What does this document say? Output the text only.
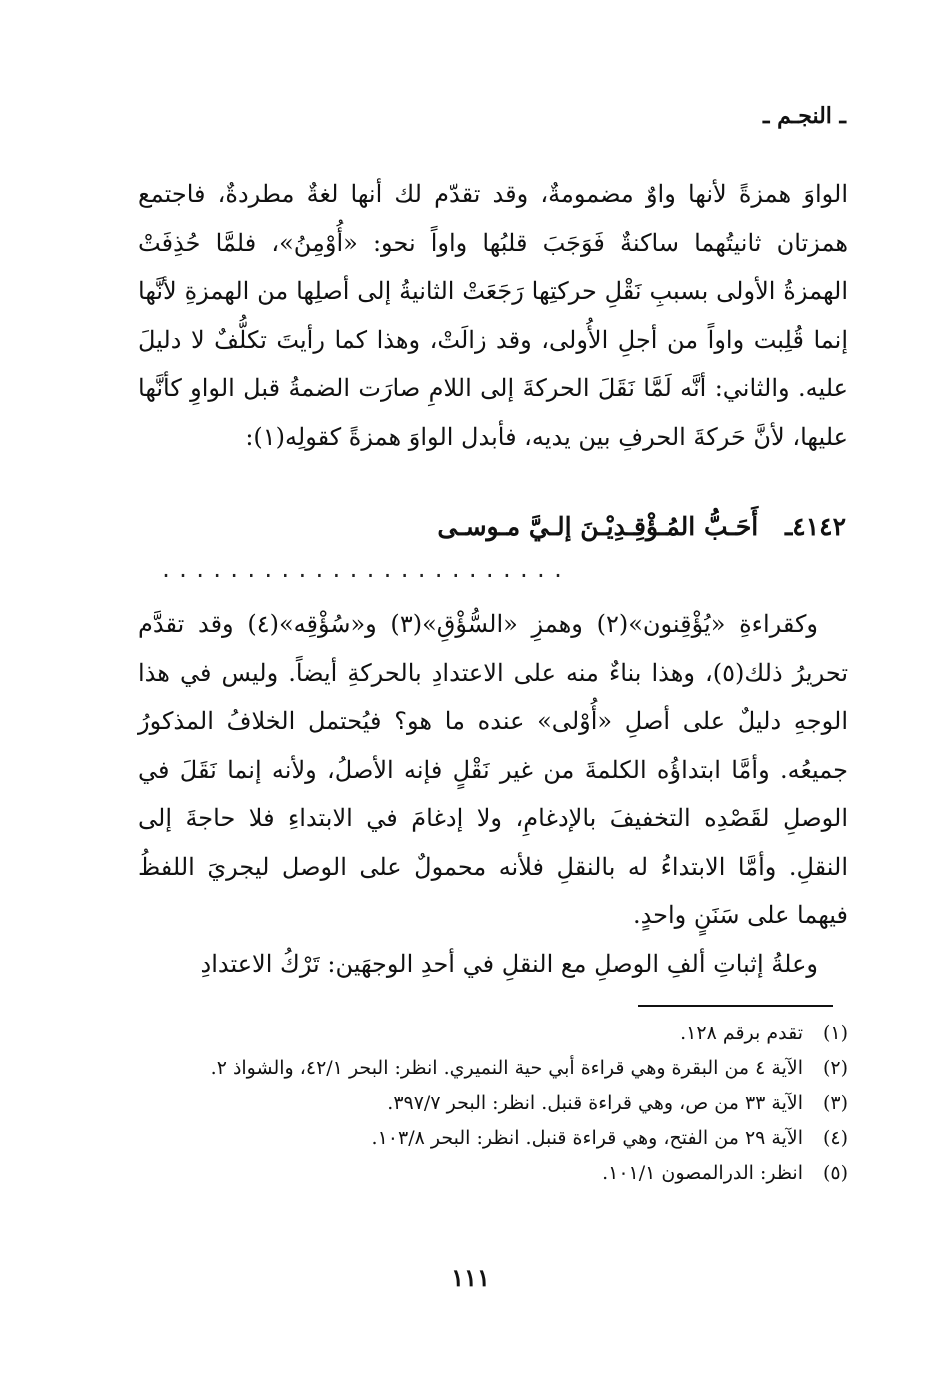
ـ النجـم ـ
الواوَ همزةً لأنها واوٌ مضمومةٌ، وقد تقدّم لك أنها لغةٌ مطردةٌ، فاجتمع همزتان ثانيتُهما ساكنةٌ فَوَجَبَ قلبُها واواً نحو: «أُوْمِنُ»، فلمَّا حُذِفَتْ الهمزةُ الأولى بسببِ نَقْلِ حركتِها رَجَعَتْ الثانيةُ إلى أصلِها من الهمزةِ لأنَّها إنما قُلِبت واواً من أجلِ الأُولى، وقد زالَتْ، وهذا كما رأيتَ تكلُّفٌ لا دليلَ عليه. والثاني: أنَّه لَمَّا نَقَلَ الحركةَ إلى اللامِ صارَت الضمةُ قبل الواوِ كأنَّها عليها، لأنَّ حَركةَ الحرفِ بين يديه، فأبدل الواوَ همزةً كقولِه(١):
٤١٤٢ـ أَحَـبُّ المُـؤْقِـدِيْـنَ إلـيَّ مـوسـى
........................
وكقراءةِ «يُؤْقِنون»(٢) وهمزِ «السُّؤْقِ»(٣) و«سُؤْقِه»(٤) وقد تقدَّم تحريرُ ذلك(٥)، وهذا بناءٌ منه على الاعتدادِ بالحركةِ أيضاً. وليس في هذا الوجهِ دليلٌ على أصلِ «أُوْلى» عنده ما هو؟ فيُحتمل الخلافُ المذكورُ جميعُه. وأمَّا ابتداؤُه الكلمةَ من غير نَقْلٍ فإنه الأصلُ، ولأنه إنما نَقَلَ في الوصلِ لقَصْدِه التخفيفَ بالإدغامِ، ولا إدغامَ في الابتداءِ فلا حاجةَ إلى النقلِ. وأمَّا الابتداءُ له بالنقلِ فلأنه محمولٌ على الوصل ليجريَ اللفظُ فيهما على سَنَنٍ واحدٍ.
وعلةُ إثباتِ ألفِ الوصلِ مع النقلِ في أحدِ الوجهَين: تَرْكُ الاعتدادِ
(١)
تقدم برقم ١٢٨.
(٢)
الآية ٤ من البقرة وهي قراءة أبي حية النميري. انظر: البحر ٤٢/١، والشواذ ٢.
(٣)
الآية ٣٣ من ص، وهي قراءة قنبل. انظر: البحر ٣٩٧/٧.
(٤)
الآية ٢٩ من الفتح، وهي قراءة قنبل. انظر: البحر ١٠٣/٨.
(٥)
انظر: الدرالمصون ١٠١/١.
١١١
